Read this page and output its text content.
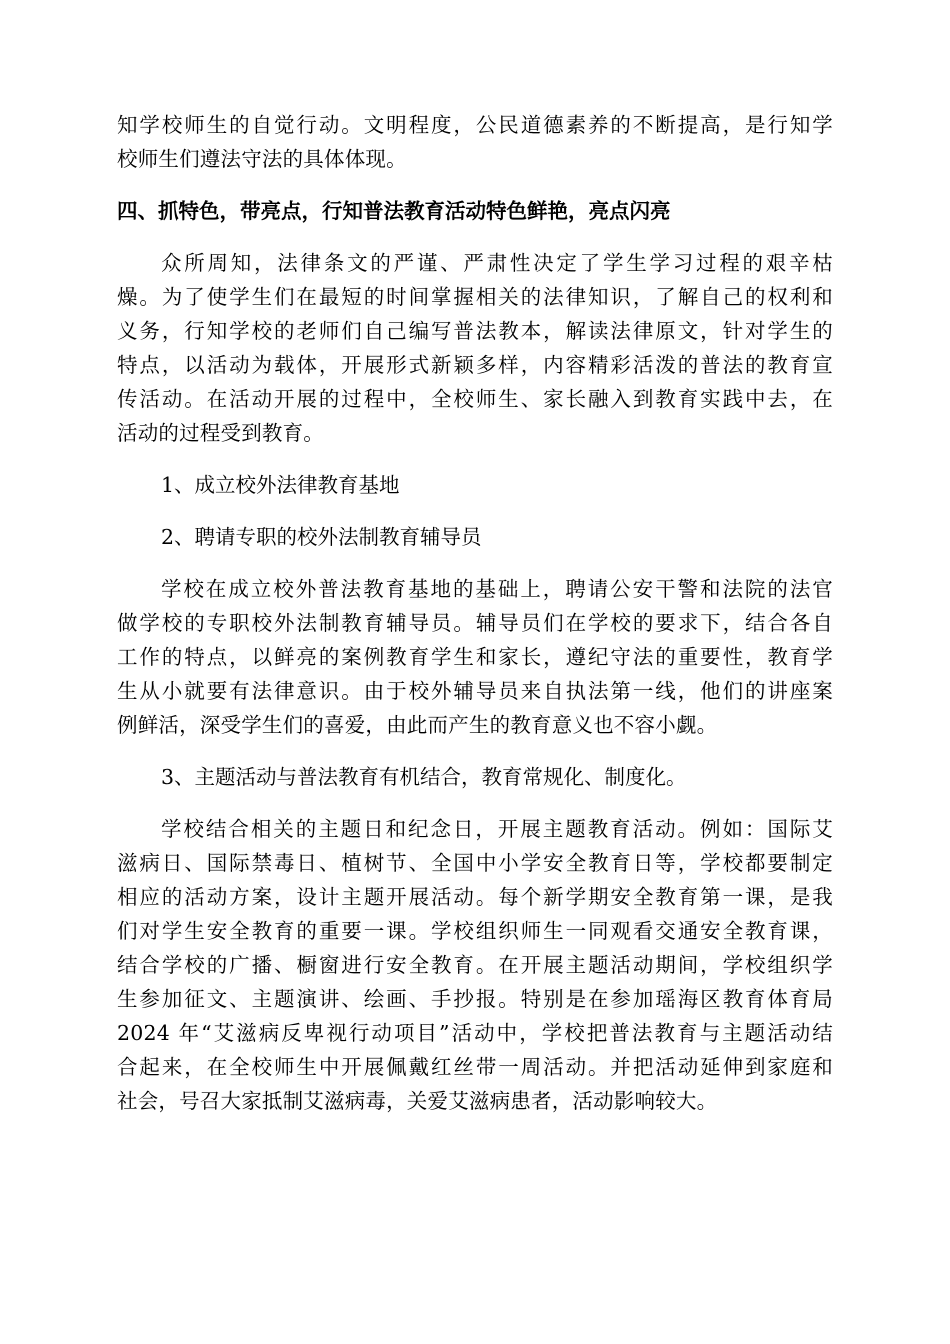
知学校师生的自觉行动。文明程度，公民道德素养的不断提高，是行知学
校师生们遵法守法的具体体现。
四、抓特色，带亮点，行知普法教育活动特色鲜艳，亮点闪亮
众所周知，法律条文的严谨、严肃性决定了学生学习过程的艰辛枯
燥。为了使学生们在最短的时间掌握相关的法律知识，了解自己的权利和
义务，行知学校的老师们自己编写普法教本，解读法律原文，针对学生的
特点，以活动为载体，开展形式新颖多样，内容精彩活泼的普法的教育宣
传活动。在活动开展的过程中，全校师生、家长融入到教育实践中去，在
活动的过程受到教育。
1、成立校外法律教育基地
2、聘请专职的校外法制教育辅导员
学校在成立校外普法教育基地的基础上，聘请公安干警和法院的法官
做学校的专职校外法制教育辅导员。辅导员们在学校的要求下，结合各自
工作的特点，以鲜亮的案例教育学生和家长，遵纪守法的重要性，教育学
生从小就要有法律意识。由于校外辅导员来自执法第一线，他们的讲座案
例鲜活，深受学生们的喜爱，由此而产生的教育意义也不容小觑。
3、主题活动与普法教育有机结合，教育常规化、制度化。
学校结合相关的主题日和纪念日，开展主题教育活动。例如：国际艾
滋病日、国际禁毒日、植树节、全国中小学安全教育日等，学校都要制定
相应的活动方案，设计主题开展活动。每个新学期安全教育第一课，是我
们对学生安全教育的重要一课。学校组织师生一同观看交通安全教育课，
结合学校的广播、橱窗进行安全教育。在开展主题活动期间，学校组织学
生参加征文、主题演讲、绘画、手抄报。特别是在参加瑶海区教育体育局
2024 年“艾滋病反卑视行动项目”活动中，学校把普法教育与主题活动结
合起来，在全校师生中开展佩戴红丝带一周活动。并把活动延伸到家庭和
社会，号召大家抵制艾滋病毒，关爱艾滋病患者，活动影响较大。
